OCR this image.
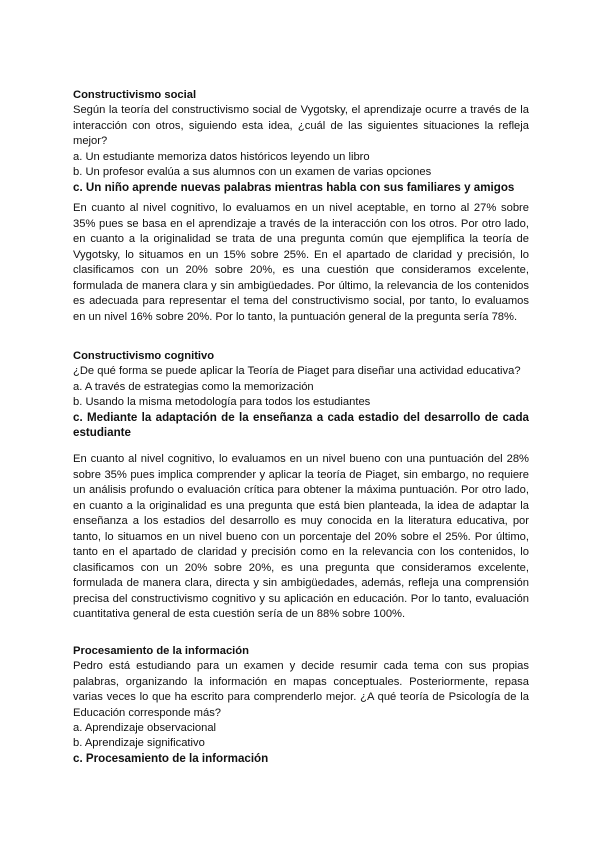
Constructivismo social

Según la teoría del constructivismo social de Vygotsky, el aprendizaje ocurre a través de la interacción con otros, siguiendo esta idea, ¿cuál de las siguientes situaciones la refleja mejor?

a. Un estudiante memoriza datos históricos leyendo un libro
b. Un profesor evalúa a sus alumnos con un examen de varias opciones
c. Un niño aprende nuevas palabras mientras habla con sus familiares y amigos

En cuanto al nivel cognitivo, lo evaluamos en un nivel aceptable, en torno al 27% sobre 35% pues se basa en el aprendizaje a través de la interacción con los otros. Por otro lado, en cuanto a la originalidad se trata de una pregunta común que ejemplifica la teoría de Vygotsky, lo situamos en un 15% sobre 25%. En el apartado de claridad y precisión, lo clasificamos con un 20% sobre 20%, es una cuestión que consideramos excelente, formulada de manera clara y sin ambigüedades. Por último, la relevancia de los contenidos es adecuada para representar el tema del constructivismo social, por tanto, lo evaluamos en un nivel 16% sobre 20%. Por lo tanto, la puntuación general de la pregunta sería 78%.

Constructivismo cognitivo

¿De qué forma se puede aplicar la Teoría de Piaget para diseñar una actividad educativa?

a. A través de estrategias como la memorización
b. Usando la misma metodología para todos los estudiantes

c. Mediante la adaptación de la enseñanza a cada estadio del desarrollo de cada estudiante

En cuanto al nivel cognitivo, lo evaluamos en un nivel bueno con una puntuación del 28% sobre 35% pues implica comprender y aplicar la teoría de Piaget, sin embargo, no requiere un análisis profundo o evaluación crítica para obtener la máxima puntuación. Por otro lado, en cuanto a la originalidad es una pregunta que está bien planteada, la idea de adaptar la enseñanza a los estadios del desarrollo es muy conocida en la literatura educativa, por tanto, lo situamos en un nivel bueno con un porcentaje del 20% sobre el 25%. Por último, tanto en el apartado de claridad y precisión como en la relevancia con los contenidos, lo clasificamos con un 20% sobre 20%, es una pregunta que consideramos excelente, formulada de manera clara, directa y sin ambigüedades, además, refleja una comprensión precisa del constructivismo cognitivo y su aplicación en educación. Por lo tanto, evaluación cuantitativa general de esta cuestión sería de un 88% sobre 100%.

Procesamiento de la información

Pedro está estudiando para un examen y decide resumir cada tema con sus propias palabras, organizando la información en mapas conceptuales. Posteriormente, repasa varias veces lo que ha escrito para comprenderlo mejor. ¿A qué teoría de Psicología de la Educación corresponde más?

a. Aprendizaje observacional
b. Aprendizaje significativo
c. Procesamiento de la información
